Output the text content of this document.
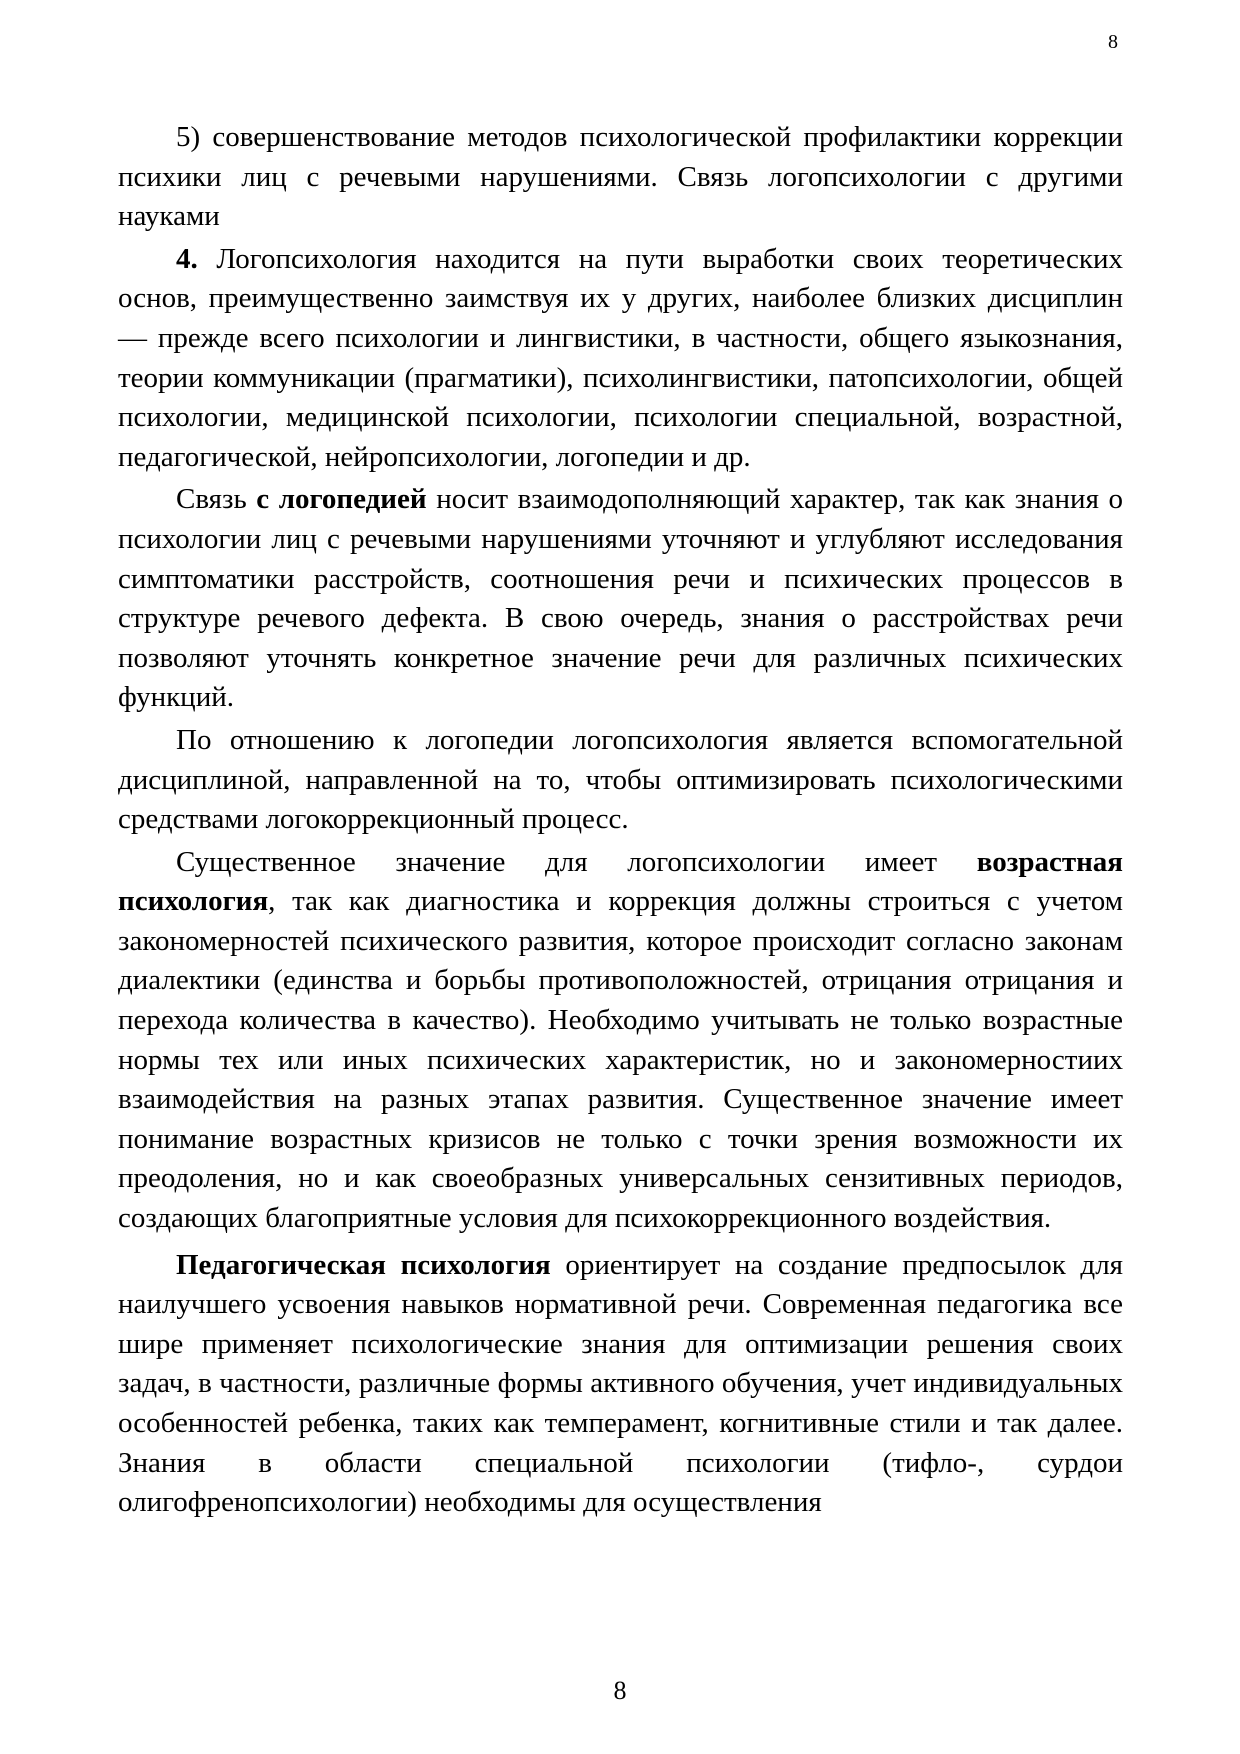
8

5) совершенствование методов психологической профилактики коррекции психики лиц с речевыми нарушениями. Связь логопсихологии с другими науками

4. Логопсихология находится на пути выработки своих теоретических основ, преимущественно заимствуя их у других, наиболее близких дисциплин — прежде всего психологии и лингвистики, в частности, общего языкознания, теории коммуникации (прагматики), психолингвистики, патопсихологии, общей психологии, медицинской психологии, психологии специальной, возрастной, педагогической, нейропсихологии, логопедии и др.

Связь с логопедией носит взаимодополняющий характер, так как знания о психологии лиц с речевыми нарушениями уточняют и углубляют исследования симптоматики расстройств, соотношения речи и психических процессов в структуре речевого дефекта. В свою очередь, знания о расстройствах речи позволяют уточнять конкретное значение речи для различных психических функций.

По отношению к логопедии логопсихология является вспомогательной дисциплиной, направленной на то, чтобы оптимизировать психологическими средствами логокоррекционный процесс.

Существенное значение для логопсихологии имеет возрастная психология, так как диагностика и коррекция должны строиться с учетом закономерностей психического развития, которое происходит согласно законам диалектики (единства и борьбы противоположностей, отрицания отрицания и перехода количества в качество). Необходимо учитывать не только возрастные нормы тех или иных психических характеристик, но и закономерностиих взаимодействия на разных этапах развития. Существенное значение имеет понимание возрастных кризисов не только с точки зрения возможности их преодоления, но и как своеобразных универсальных сензитивных периодов, создающих благоприятные условия для психокоррекционного воздействия.

Педагогическая психология ориентирует на создание предпосылок для наилучшего усвоения навыков нормативной речи. Современная педагогика все шире применяет психологические знания для оптимизации решения своих задач, в частности, различные формы активного обучения, учет индивидуальных особенностей ребенка, таких как темперамент, когнитивные стили и так далее. Знания в области специальной психологии (тифло-, сурдои олигофренопсихологии) необходимы для осуществления

8
